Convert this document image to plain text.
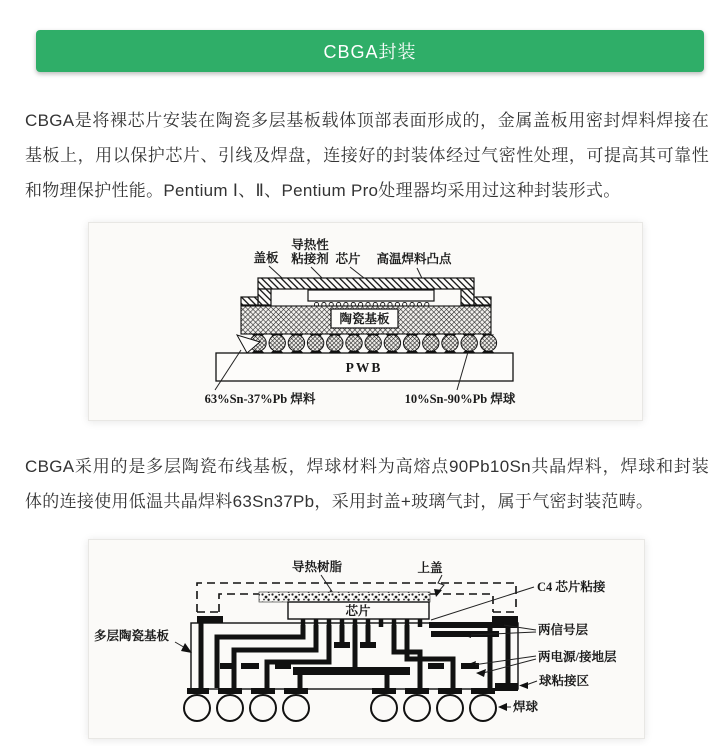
CBGA封装

CBGA是将裸芯片安装在陶瓷多层基板载体顶部表面形成的，金属盖板用密封焊料焊接在基板上，用以保护芯片、引线及焊盘，连接好的封装体经过气密性处理，可提高其可靠性和物理保护性能。Pentium Ⅰ、Ⅱ、Pentium Pro处理器均采用过这种封装形式。

盖板
导热性
粘接剂 芯片 高温焊料凸点
陶瓷基板
PWB
63%Sn-37%Pb 焊料	10%Sn-90%Pb 焊球

CBGA采用的是多层陶瓷布线基板，焊球材料为高熔点90Pb10Sn共晶焊料，焊球和封装体的连接使用低温共晶焊料63Sn37Pb，采用封盖+玻璃气封，属于气密封装范畴。

导热树脂	上盖
芯片
C4 芯片粘接
两信号层
两电源/接地层
球粘接区
焊球
多层陶瓷基板
